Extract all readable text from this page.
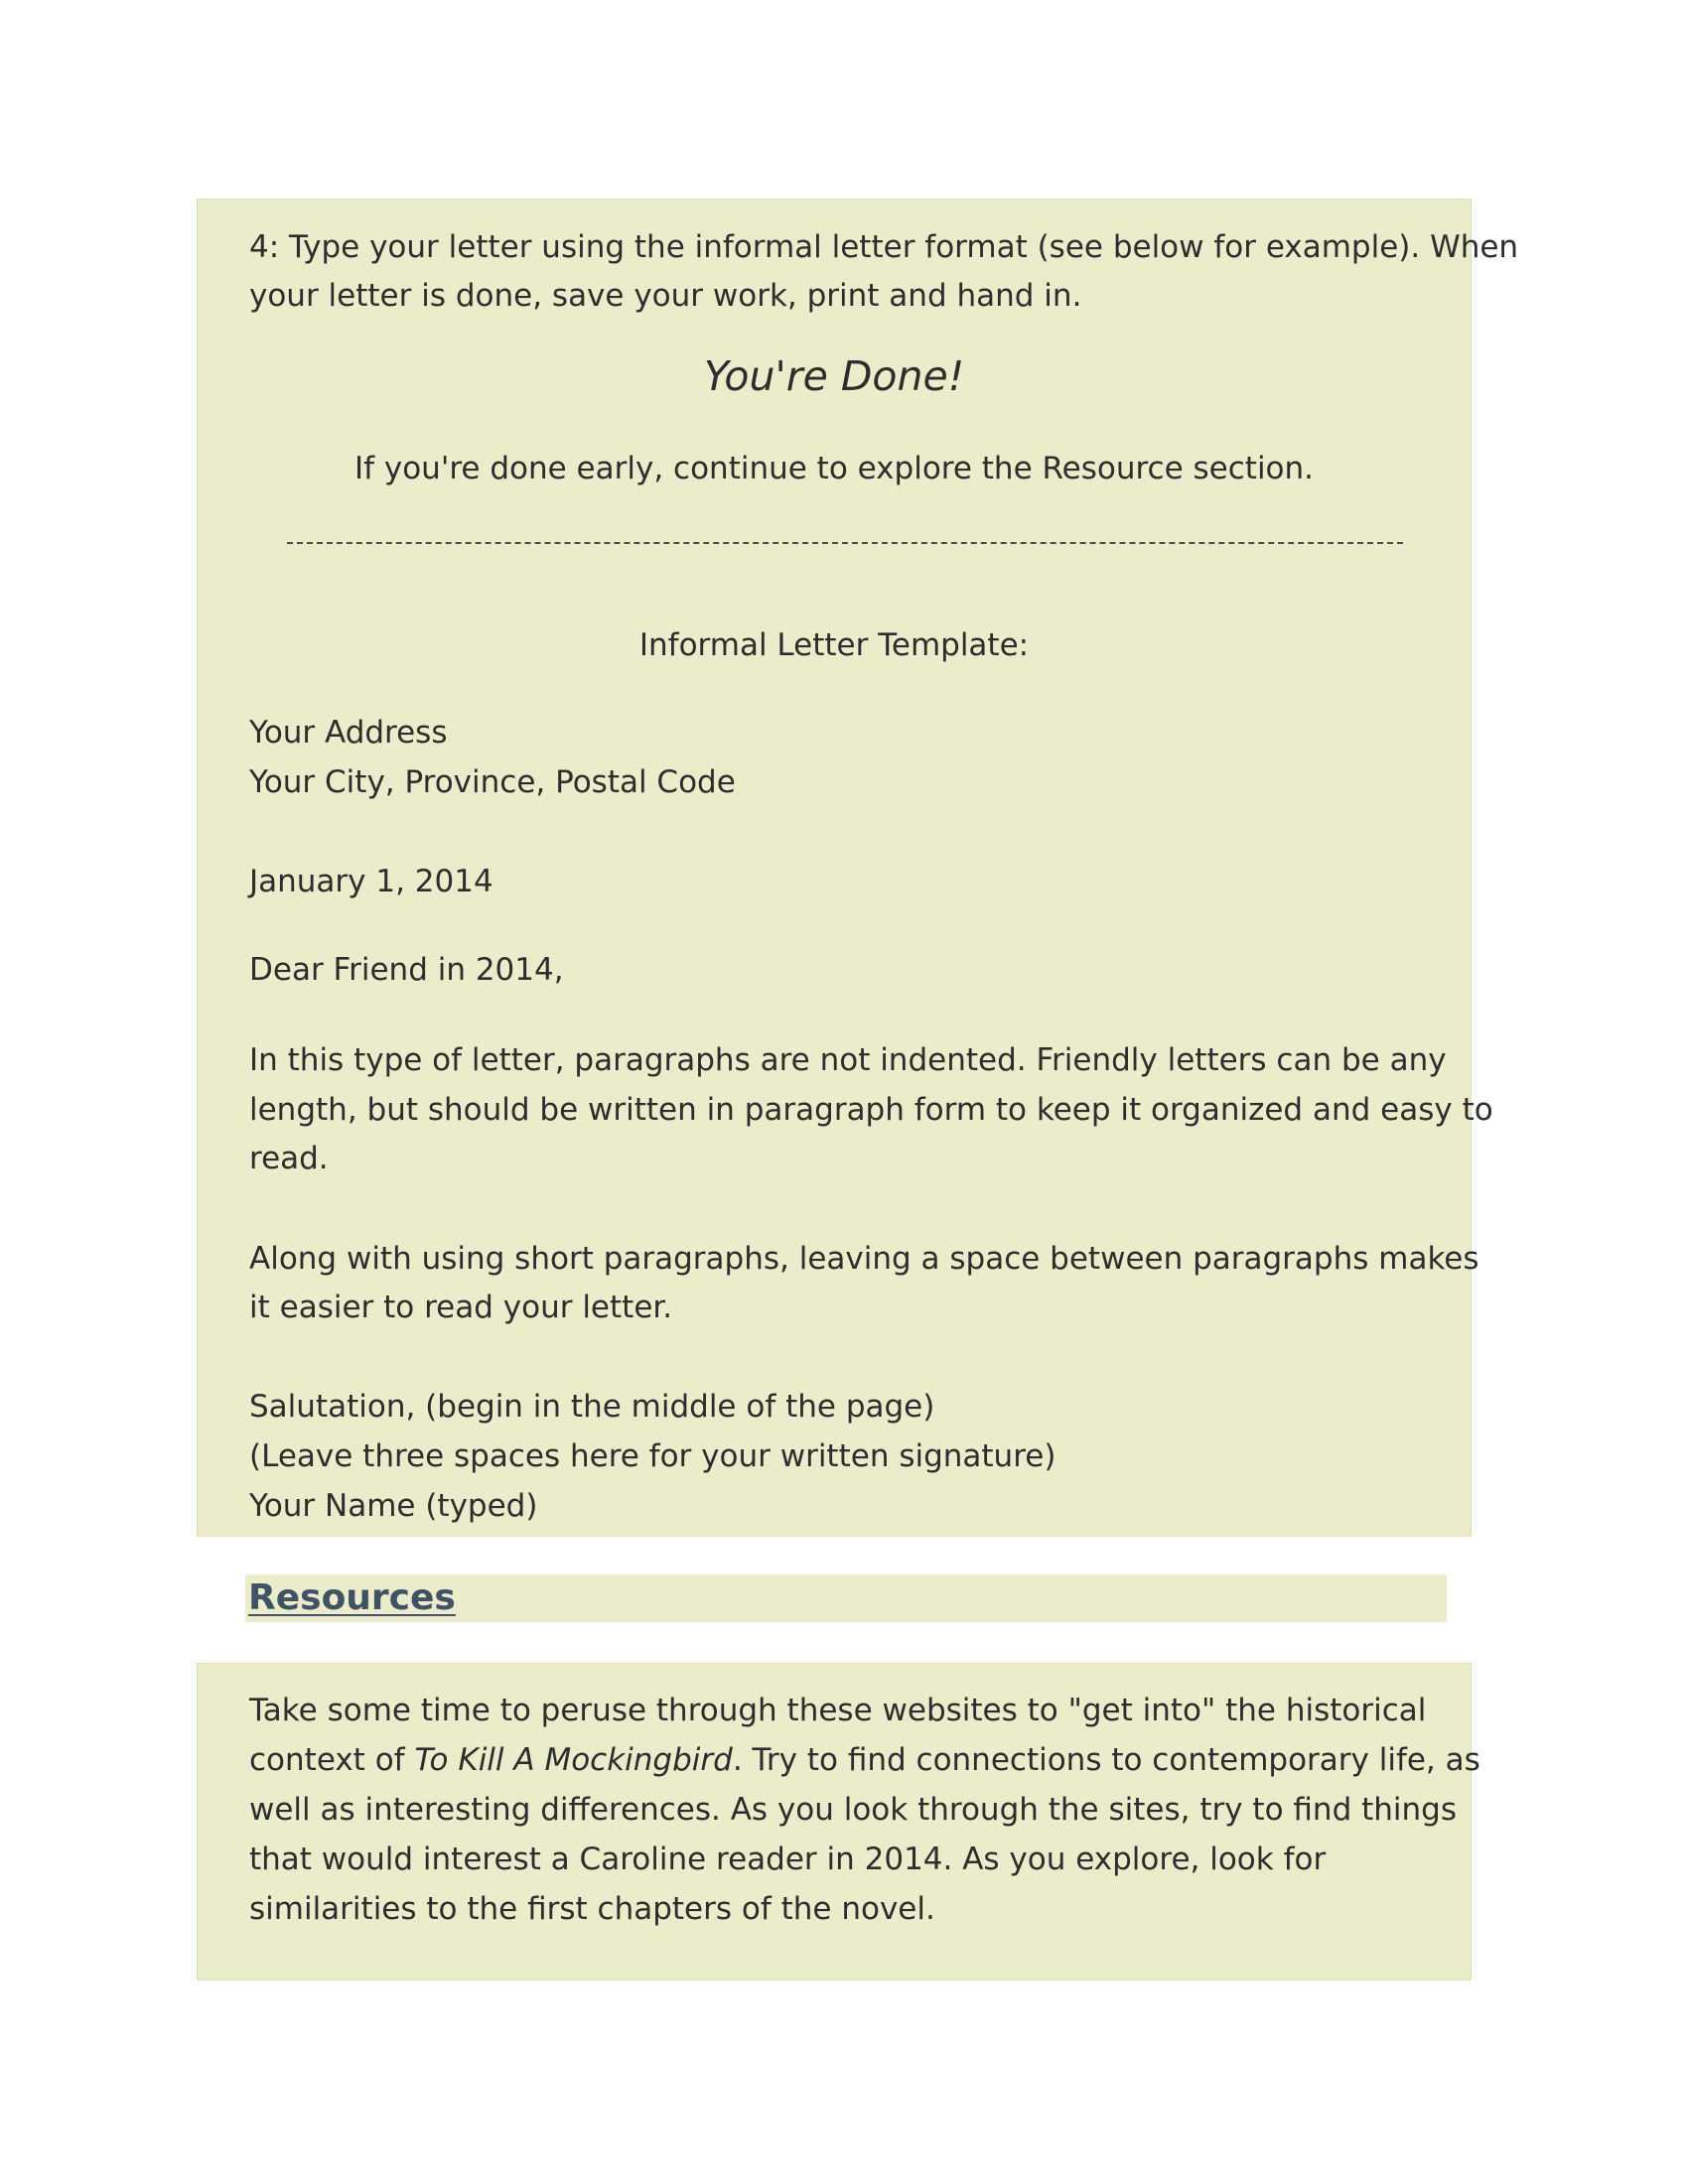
4: Type your letter using the informal letter format (see below for example). When

your letter is done, save your work, print and hand in.

You're Done!

If you're done early, continue to explore the Resource section.

Informal Letter Template:

Your Address

Your City, Province, Postal Code

January 1, 2014

Dear Friend in 2014,

In this type of letter, paragraphs are not indented. Friendly letters can be any

length, but should be written in paragraph form to keep it organized and easy to

read.

Along with using short paragraphs, leaving a space between paragraphs makes

it easier to read your letter.

Salutation, (begin in the middle of the page)

(Leave three spaces here for your written signature)

Your Name (typed)

Resources

Take some time to peruse through these websites to "get into" the historical

context of To Kill A Mockingbird. Try to find connections to contemporary life, as

well as interesting differences. As you look through the sites, try to find things

that would interest a Caroline reader in 2014. As you explore, look for

similarities to the first chapters of the novel.
